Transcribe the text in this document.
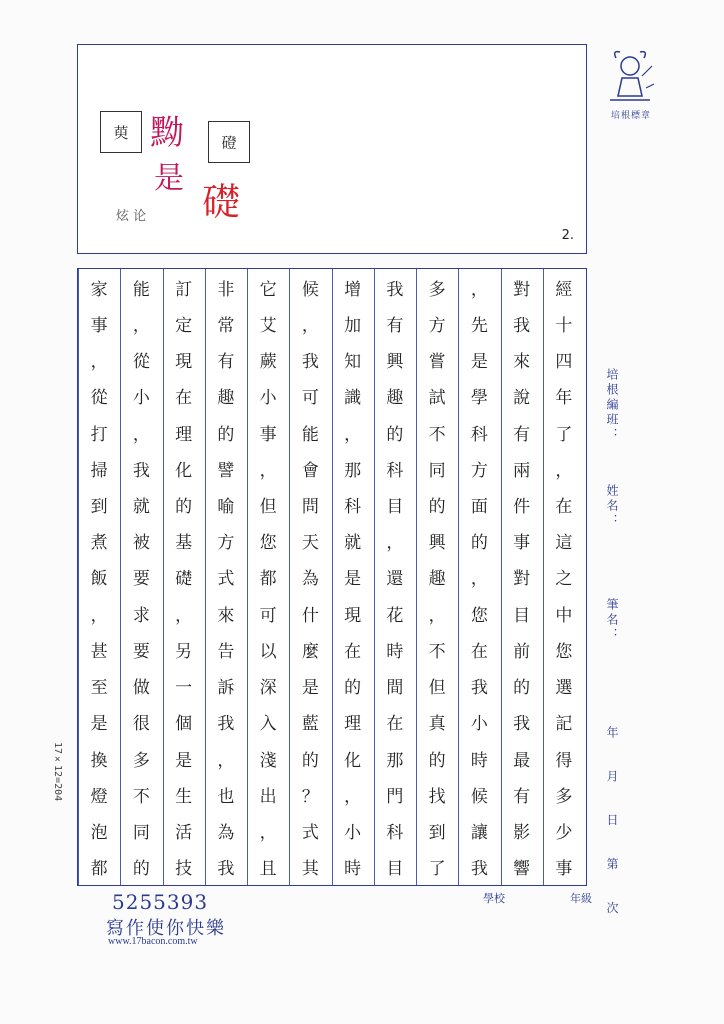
萸
磴
黝
是
礎
炫 论
2.
培根標章
培根編班：
姓名：
筆名：
年 月 日 第 次
17×12=204
經
十
四
年
了
，
在
這
之
中
您
選
記
得
多
少
事
對
我
來
說
有
兩
件
事
對
目
前
的
我
最
有
影
響
，
先
是
學
科
方
面
的
，
您
在
我
小
時
候
讓
我
多
方
嘗
試
不
同
的
興
趣
，
不
但
真
的
找
到
了
我
有
興
趣
的
科
目
，
還
花
時
間
在
那
門
科
目
增
加
知
識
，
那
科
就
是
現
在
的
理
化
，
小
時
候
，
我
可
能
會
問
天
為
什
麼
是
藍
的
？
式
其
它
艾
蕨
小
事
，
但
您
都
可
以
深
入
淺
出
，
且
非
常
有
趣
的
譬
喻
方
式
來
告
訴
我
，
也
為
我
訂
定
現
在
理
化
的
基
礎
，
另
一
個
是
生
活
技
能
，
從
小
，
我
就
被
要
求
要
做
很
多
不
同
的
家
事
，
從
打
掃
到
煮
飯
，
甚
至
是
換
燈
泡
都
5255393
寫作使你快樂
www.17bacon.com.tw
學校	年級
